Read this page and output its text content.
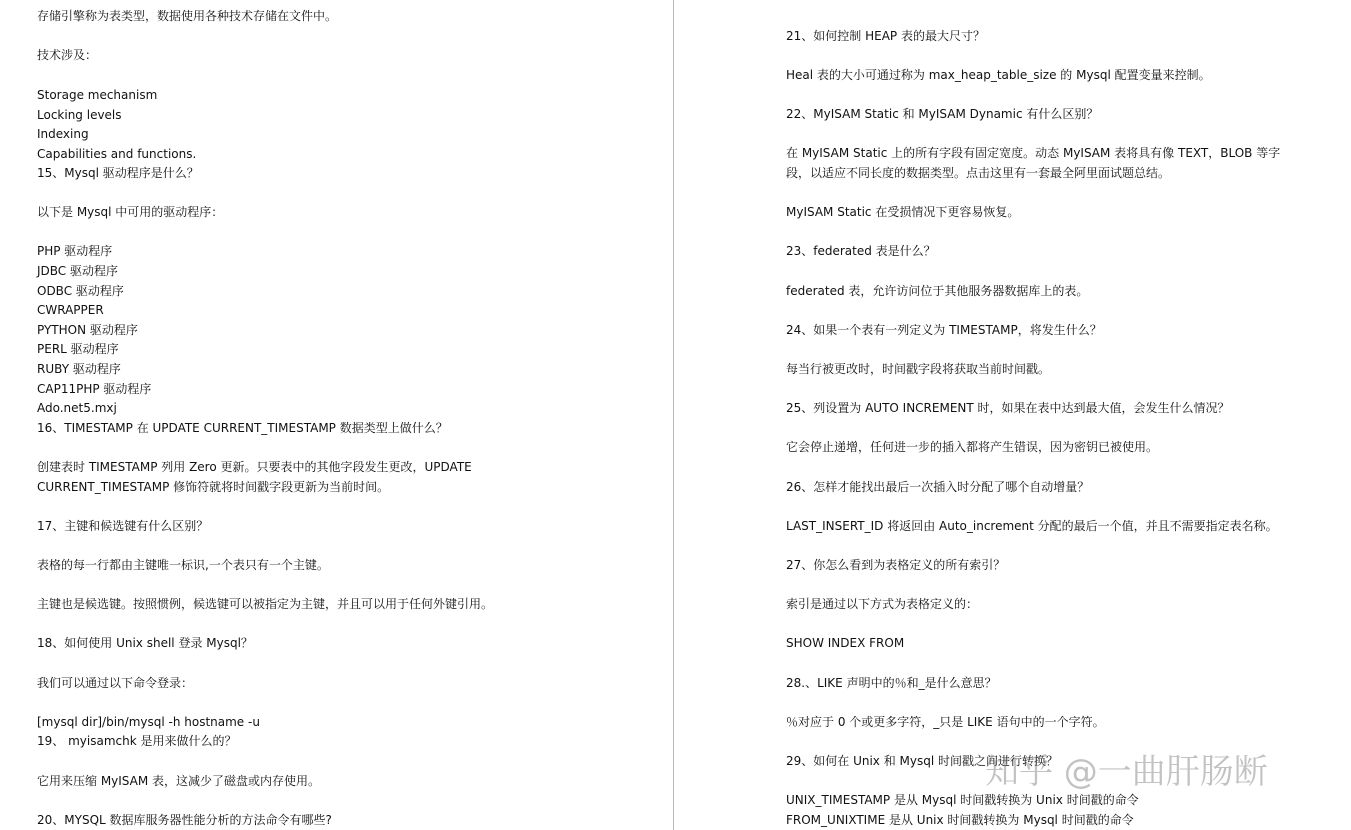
存储引擎称为表类型，数据使用各种技术存储在文件中。
技术涉及：
Storage mechanism
Locking levels
Indexing
Capabilities and functions.
15、Mysql 驱动程序是什么？
以下是 Mysql 中可用的驱动程序：
PHP 驱动程序
JDBC 驱动程序
ODBC 驱动程序
CWRAPPER
PYTHON 驱动程序
PERL 驱动程序
RUBY 驱动程序
CAP11PHP 驱动程序
Ado.net5.mxj
16、TIMESTAMP 在 UPDATE CURRENT_TIMESTAMP 数据类型上做什么？
创建表时 TIMESTAMP 列用 Zero 更新。只要表中的其他字段发生更改，UPDATE
CURRENT_TIMESTAMP 修饰符就将时间戳字段更新为当前时间。
17、主键和候选键有什么区别？
表格的每一行都由主键唯一标识,一个表只有一个主键。
主键也是候选键。按照惯例，候选键可以被指定为主键，并且可以用于任何外键引用。
18、如何使用 Unix shell 登录 Mysql？
我们可以通过以下命令登录：
[mysql dir]/bin/mysql -h hostname -u
19、 myisamchk 是用来做什么的？
它用来压缩 MyISAM 表，这减少了磁盘或内存使用。
20、MYSQL 数据库服务器性能分析的方法命令有哪些?
21、如何控制 HEAP 表的最大尺寸？
Heal 表的大小可通过称为 max_heap_table_size 的 Mysql 配置变量来控制。
22、MyISAM Static 和 MyISAM Dynamic 有什么区别？
在 MyISAM Static 上的所有字段有固定宽度。动态 MyISAM 表将具有像 TEXT，BLOB 等字
段，以适应不同长度的数据类型。点击这里有一套最全阿里面试题总结。
MyISAM Static 在受损情况下更容易恢复。
23、federated 表是什么？
federated 表，允许访问位于其他服务器数据库上的表。
24、如果一个表有一列定义为 TIMESTAMP，将发生什么？
每当行被更改时，时间戳字段将获取当前时间戳。
25、列设置为 AUTO INCREMENT 时，如果在表中达到最大值，会发生什么情况？
它会停止递增，任何进一步的插入都将产生错误，因为密钥已被使用。
26、怎样才能找出最后一次插入时分配了哪个自动增量？
LAST_INSERT_ID 将返回由 Auto_increment 分配的最后一个值，并且不需要指定表名称。
27、你怎么看到为表格定义的所有索引？
索引是通过以下方式为表格定义的：
SHOW INDEX FROM
28.、LIKE 声明中的％和_是什么意思？
％对应于 0 个或更多字符，_只是 LIKE 语句中的一个字符。
29、如何在 Unix 和 Mysql 时间戳之间进行转换？
UNIX_TIMESTAMP 是从 Mysql 时间戳转换为 Unix 时间戳的命令
FROM_UNIXTIME 是从 Unix 时间戳转换为 Mysql 时间戳的命令
知乎 @一曲肝肠断
